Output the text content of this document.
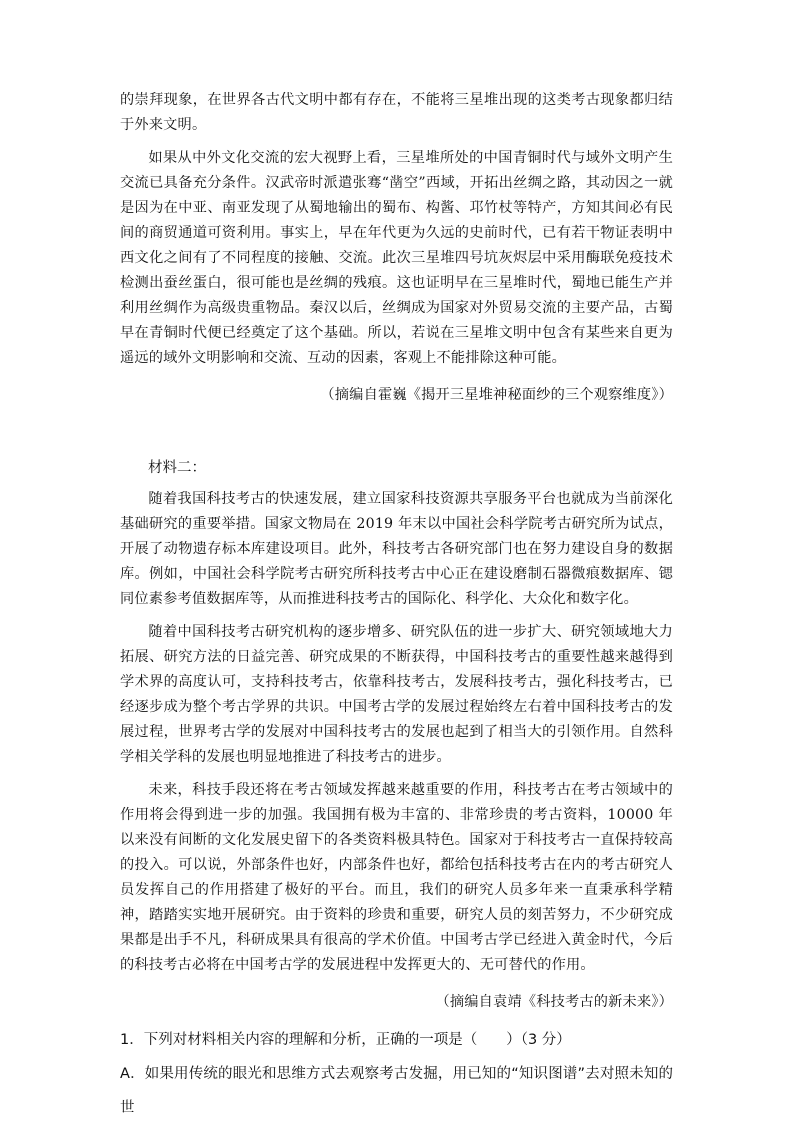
的崇拜现象，在世界各古代文明中都有存在，不能将三星堆出现的这类考古现象都归结于外来文明。

如果从中外文化交流的宏大视野上看，三星堆所处的中国青铜时代与域外文明产生交流已具备充分条件。汉武帝时派遣张骞“凿空”西域，开拓出丝绸之路，其动因之一就是因为在中亚、南亚发现了从蜀地输出的蜀布、构酱、邛竹杖等特产，方知其间必有民间的商贸通道可资利用。事实上，早在年代更为久远的史前时代，已有若干物证表明中西文化之间有了不同程度的接触、交流。此次三星堆四号坑灰烬层中采用酶联免疫技术检测出蚕丝蛋白，很可能也是丝绸的残痕。这也证明早在三星堆时代，蜀地已能生产并利用丝绸作为高级贵重物品。秦汉以后，丝绸成为国家对外贸易交流的主要产品，古蜀早在青铜时代便已经奠定了这个基础。所以，若说在三星堆文明中包含有某些来自更为遥远的域外文明影响和交流、互动的因素，客观上不能排除这种可能。

（摘编自霍巍《揭开三星堆神秘面纱的三个观察维度》）

材料二：

随着我国科技考古的快速发展，建立国家科技资源共享服务平台也就成为当前深化基础研究的重要举措。国家文物局在 2019 年末以中国社会科学院考古研究所为试点，开展了动物遗存标本库建设项目。此外，科技考古各研究部门也在努力建设自身的数据库。例如，中国社会科学院考古研究所科技考古中心正在建设磨制石器微痕数据库、锶同位素参考值数据库等，从而推进科技考古的国际化、科学化、大众化和数字化。

随着中国科技考古研究机构的逐步增多、研究队伍的进一步扩大、研究领域地大力拓展、研究方法的日益完善、研究成果的不断获得，中国科技考古的重要性越来越得到学术界的高度认可，支持科技考古，依靠科技考古，发展科技考古，强化科技考古，已经逐步成为整个考古学界的共识。中国考古学的发展过程始终左右着中国科技考古的发展过程，世界考古学的发展对中国科技考古的发展也起到了相当大的引领作用。自然科学相关学科的发展也明显地推进了科技考古的进步。

未来，科技手段还将在考古领域发挥越来越重要的作用，科技考古在考古领域中的作用将会得到进一步的加强。我国拥有极为丰富的、非常珍贵的考古资料，10000 年以来没有间断的文化发展史留下的各类资料极具特色。国家对于科技考古一直保持较高的投入。可以说，外部条件也好，内部条件也好，都给包括科技考古在内的考古研究人员发挥自己的作用搭建了极好的平台。而且，我们的研究人员多年来一直秉承科学精神，踏踏实实地开展研究。由于资料的珍贵和重要，研究人员的刻苦努力，不少研究成果都是出手不凡，科研成果具有很高的学术价值。中国考古学已经进入黄金时代，今后的科技考古必将在中国考古学的发展进程中发挥更大的、无可替代的作用。

（摘编自袁靖《科技考古的新未来》）

1．下列对材料相关内容的理解和分析，正确的一项是（　　）（3 分）

A．如果用传统的眼光和思维方式去观察考古发掘，用已知的“知识图谱”去对照未知的世
